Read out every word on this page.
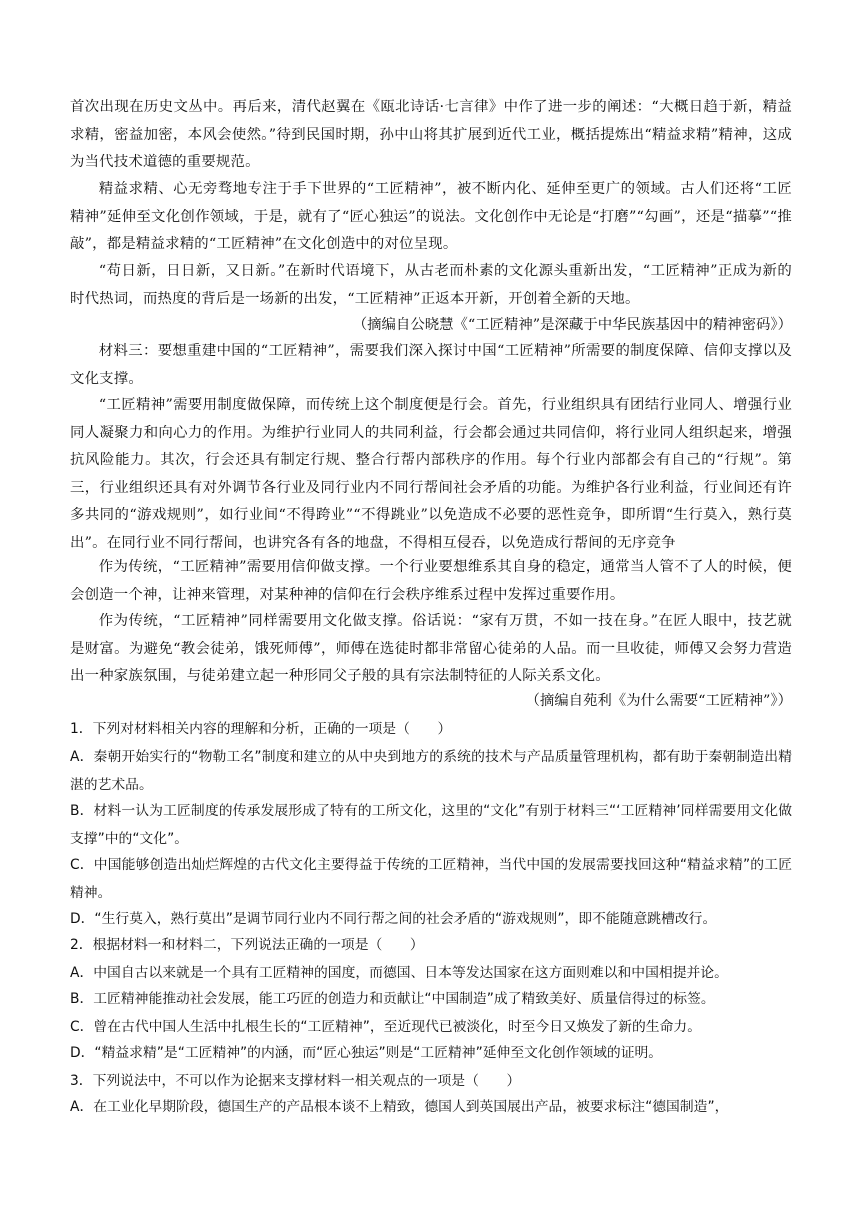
首次出现在历史文丛中。再后来，清代赵翼在《瓯北诗话·七言律》中作了进一步的阐述：“大概日趋于新，精益求精，密益加密，本风会使然。”待到民国时期，孙中山将其扩展到近代工业，概括提炼出“精益求精”精神，这成为当代技术道德的重要规范。

精益求精、心无旁骛地专注于手下世界的“工匠精神”，被不断内化、延伸至更广的领域。古人们还将“工匠精神”延伸至文化创作领域，于是，就有了“匠心独运”的说法。文化创作中无论是“打磨”“勾画”，还是“描摹”“推敲”，都是精益求精的“工匠精神”在文化创造中的对位呈现。

“苟日新，日日新，又日新。”在新时代语境下，从古老而朴素的文化源头重新出发，“工匠精神”正成为新的时代热词，而热度的背后是一场新的出发，“工匠精神”正返本开新，开创着全新的天地。

（摘编自公晓慧《“工匠精神”是深藏于中华民族基因中的精神密码》）

材料三：要想重建中国的“工匠精神”，需要我们深入探讨中国“工匠精神”所需要的制度保障、信仰支撑以及文化支撑。

“工匠精神”需要用制度做保障，而传统上这个制度便是行会。首先，行业组织具有团结行业同人、增强行业同人凝聚力和向心力的作用。为维护行业同人的共同利益，行会都会通过共同信仰，将行业同人组织起来，增强抗风险能力。其次，行会还具有制定行规、整合行帮内部秩序的作用。每个行业内部都会有自己的“行规”。第三，行业组织还具有对外调节各行业及同行业内不同行帮间社会矛盾的功能。为维护各行业利益，行业间还有许多共同的“游戏规则”，如行业间“不得跨业”“不得跳业”以免造成不必要的恶性竞争，即所谓“生行莫入，熟行莫出”。在同行业不同行帮间，也讲究各有各的地盘，不得相互侵吞，以免造成行帮间的无序竞争

作为传统，“工匠精神”需要用信仰做支撑。一个行业要想维系其自身的稳定，通常当人管不了人的时候，便会创造一个神，让神来管理，对某种神的信仰在行会秩序维系过程中发挥过重要作用。

作为传统，“工匠精神”同样需要用文化做支撑。俗话说：“家有万贯，不如一技在身。”在匠人眼中，技艺就是财富。为避免“教会徒弟，饿死师傅”，师傅在选徒时都非常留心徒弟的人品。而一旦收徒，师傅又会努力营造出一种家族氛围，与徒弟建立起一种形同父子般的具有宗法制特征的人际关系文化。

（摘编自苑利《为什么需要“工匠精神”》）

1．下列对材料相关内容的理解和分析，正确的一项是（　　）

A．秦朝开始实行的“物勒工名”制度和建立的从中央到地方的系统的技术与产品质量管理机构，都有助于秦朝制造出精湛的艺术品。

B．材料一认为工匠制度的传承发展形成了特有的工所文化，这里的“文化”有别于材料三“‘工匠精神’同样需要用文化做支撑”中的“文化”。

C．中国能够创造出灿烂辉煌的古代文化主要得益于传统的工匠精神，当代中国的发展需要找回这种“精益求精”的工匠精神。

D．“生行莫入，熟行莫出”是调节同行业内不同行帮之间的社会矛盾的“游戏规则”，即不能随意跳槽改行。

2．根据材料一和材料二，下列说法正确的一项是（　　）

A．中国自古以来就是一个具有工匠精神的国度，而德国、日本等发达国家在这方面则难以和中国相提并论。

B．工匠精神能推动社会发展，能工巧匠的创造力和贡献让“中国制造”成了精致美好、质量信得过的标签。

C．曾在古代中国人生活中扎根生长的“工匠精神”，至近现代已被淡化，时至今日又焕发了新的生命力。

D．“精益求精”是“工匠精神”的内涵，而“匠心独运”则是“工匠精神”延伸至文化创作领域的证明。

3．下列说法中，不可以作为论据来支撑材料一相关观点的一项是（　　）

A．在工业化早期阶段，德国生产的产品根本谈不上精致，德国人到英国展出产品，被要求标注“德国制造”，
